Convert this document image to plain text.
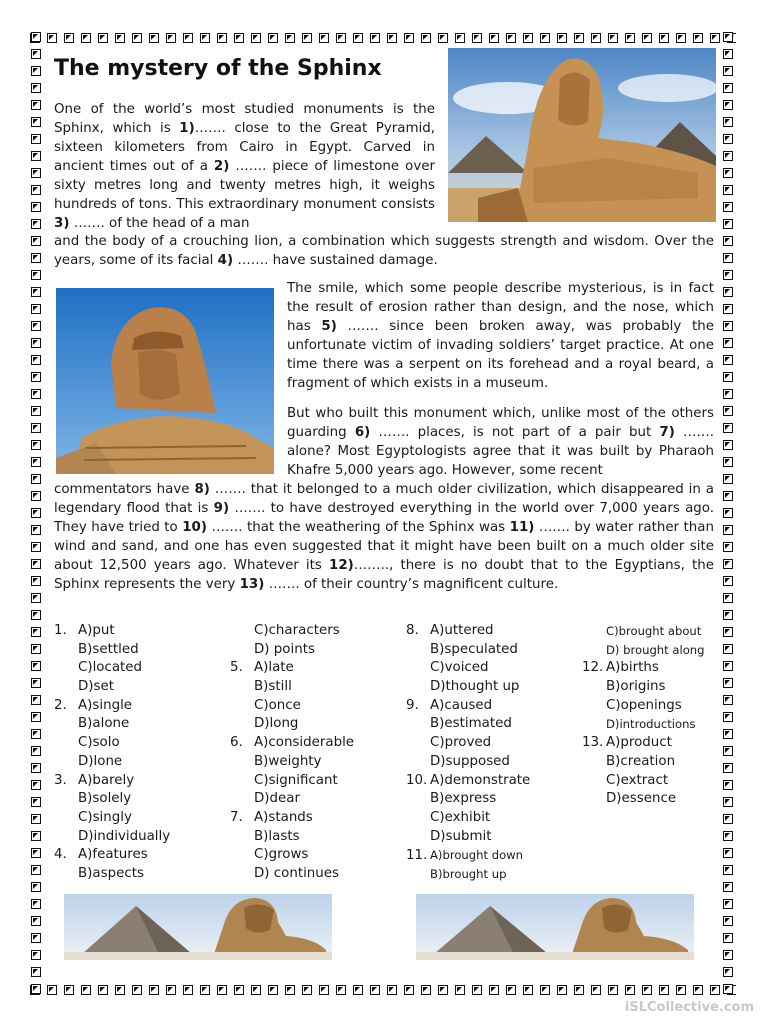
The mystery of the Sphinx

One of the world’s most studied monuments is the Sphinx, which is 1)……. close to the Great Pyramid, sixteen kilometers from Cairo in Egypt. Carved in ancient times out of a 2) ……. piece of limestone over sixty metres long and twenty metres high, it weighs hundreds of tons. This extraordinary monument consists 3) ……. of the head of a man

and the body of a crouching lion, a combination which suggests strength and wisdom. Over the years, some of its facial 4) ……. have sustained damage.

The smile, which some people describe mysterious, is in fact the result of erosion rather than design, and the nose, which has 5) ……. since been broken away, was probably the unfortunate victim of invading soldiers’ target practice. At one time there was a serpent on its forehead and a royal beard, a fragment of which exists in a museum.

But who built this monument which, unlike most of the others guarding 6) ……. places, is not part of a pair but 7) ……. alone? Most Egyptologists agree that it was built by Pharaoh Khafre 5,000 years ago. However, some recent

commentators have 8) ……. that it belonged to a much older civilization, which disappeared in a legendary flood that is 9) ……. to have destroyed everything in the world over 7,000 years ago. They have tried to 10) ……. that the weathering of the Sphinx was 11) ……. by water rather than wind and sand, and one has even suggested that it might have been built on a much older site about 12,500 years ago. Whatever its 12)…….., there is no doubt that to the Egyptians, the Sphinx represents the very 13) ……. of their country’s magnificent culture.

1. A)put
B)settled
C)located
D)set
2. A)single
B)alone
C)solo
D)lone
3. A)barely
B)solely
C)singly
D)individually
4. A)features
B)aspects
C)characters
D) points
5. A)late
B)still
C)once
D)long
6. A)considerable
B)weighty
C)significant
D)dear
7. A)stands
B)lasts
C)grows
D) continues
8. A)uttered
B)speculated
C)voiced
D)thought up
9. A)caused
B)estimated
C)proved
D)supposed
10. A)demonstrate
B)express
C)exhibit
D)submit
11. A)brought down
B)brought up
C)brought about
D) brought along
12. A)births
B)origins
C)openings
D)introductions
13. A)product
B)creation
C)extract
D)essence
iSLCollective.com
